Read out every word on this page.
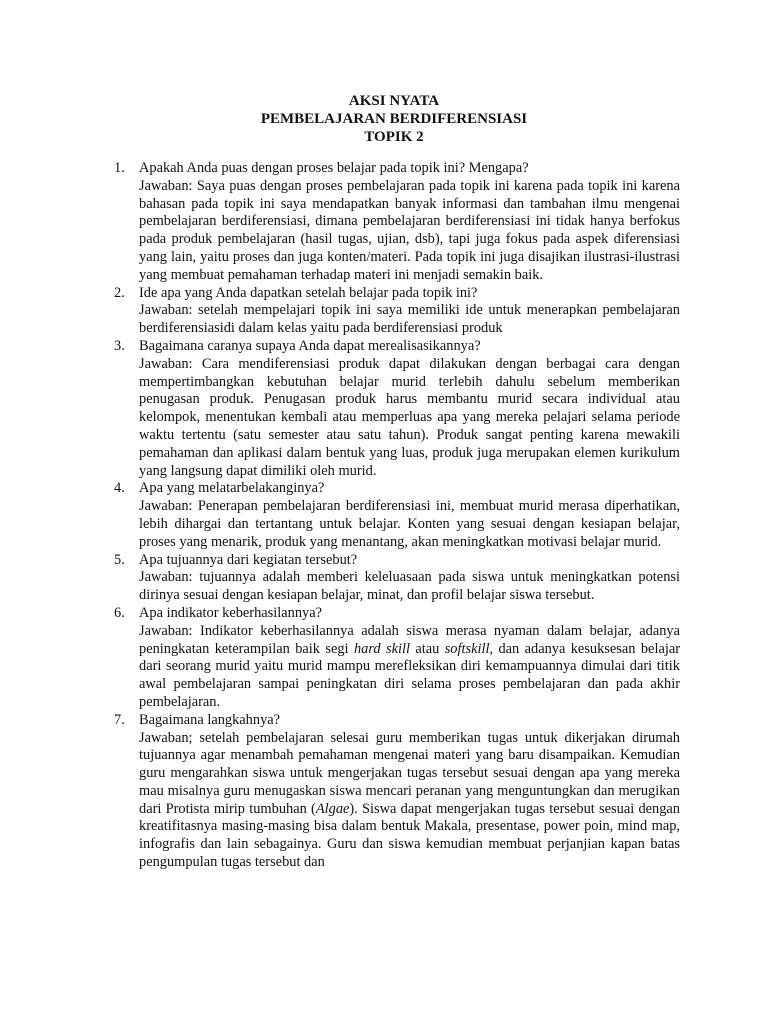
AKSI NYATA
PEMBELAJARAN BERDIFERENSIASI
TOPIK 2
1. Apakah Anda puas dengan proses belajar pada topik ini? Mengapa?
Jawaban: Saya puas dengan proses pembelajaran pada topik ini karena pada topik ini karena bahasan pada topik ini saya mendapatkan banyak informasi dan tambahan ilmu mengenai pembelajaran berdiferensiasi, dimana pembelajaran berdiferensiasi ini tidak hanya berfokus pada produk pembelajaran (hasil tugas, ujian, dsb), tapi juga fokus pada aspek diferensiasi yang lain, yaitu proses dan juga konten/materi. Pada topik ini juga disajikan ilustrasi-ilustrasi yang membuat pemahaman terhadap materi ini menjadi semakin baik.
2. Ide apa yang Anda dapatkan setelah belajar pada topik ini?
Jawaban: setelah mempelajari topik ini saya memiliki ide untuk menerapkan pembelajaran berdiferensiasidi dalam kelas yaitu pada berdiferensiasi produk
3. Bagaimana caranya supaya Anda dapat merealisasikannya?
Jawaban: Cara mendiferensiasi produk dapat dilakukan dengan berbagai cara dengan mempertimbangkan kebutuhan belajar murid terlebih dahulu sebelum memberikan penugasan produk. Penugasan produk harus membantu murid secara individual atau kelompok, menentukan kembali atau memperluas apa yang mereka pelajari selama periode waktu tertentu (satu semester atau satu tahun). Produk sangat penting karena mewakili pemahaman dan aplikasi dalam bentuk yang luas, produk juga merupakan elemen kurikulum yang langsung dapat dimiliki oleh murid.
4. Apa yang melatarbelakanginya?
Jawaban: Penerapan pembelajaran berdiferensiasi ini, membuat murid merasa diperhatikan, lebih dihargai dan tertantang untuk belajar. Konten yang sesuai dengan kesiapan belajar, proses yang menarik, produk yang menantang, akan meningkatkan motivasi belajar murid.
5. Apa tujuannya dari kegiatan tersebut?
Jawaban: tujuannya adalah memberi keleluasaan pada siswa untuk meningkatkan potensi dirinya sesuai dengan kesiapan belajar, minat, dan profil belajar siswa tersebut.
6. Apa indikator keberhasilannya?
Jawaban: Indikator keberhasilannya adalah siswa merasa nyaman dalam belajar, adanya peningkatan keterampilan baik segi hard skill atau softskill, dan adanya kesuksesan belajar dari seorang murid yaitu murid mampu merefleksikan diri kemampuannya dimulai dari titik awal pembelajaran sampai peningkatan diri selama proses pembelajaran dan pada akhir pembelajaran.
7. Bagaimana langkahnya?
Jawaban; setelah pembelajaran selesai guru memberikan tugas untuk dikerjakan dirumah tujuannya agar menambah pemahaman mengenai materi yang baru disampaikan. Kemudian guru mengarahkan siswa untuk mengerjakan tugas tersebut sesuai dengan apa yang mereka mau misalnya guru menugaskan siswa mencari peranan yang menguntungkan dan merugikan dari Protista mirip tumbuhan (Algae). Siswa dapat mengerjakan tugas tersebut sesuai dengan kreatifitasnya masing-masing bisa dalam bentuk Makala, presentase, power poin, mind map, infografis dan lain sebagainya. Guru dan siswa kemudian membuat perjanjian kapan batas pengumpulan tugas tersebut dan
